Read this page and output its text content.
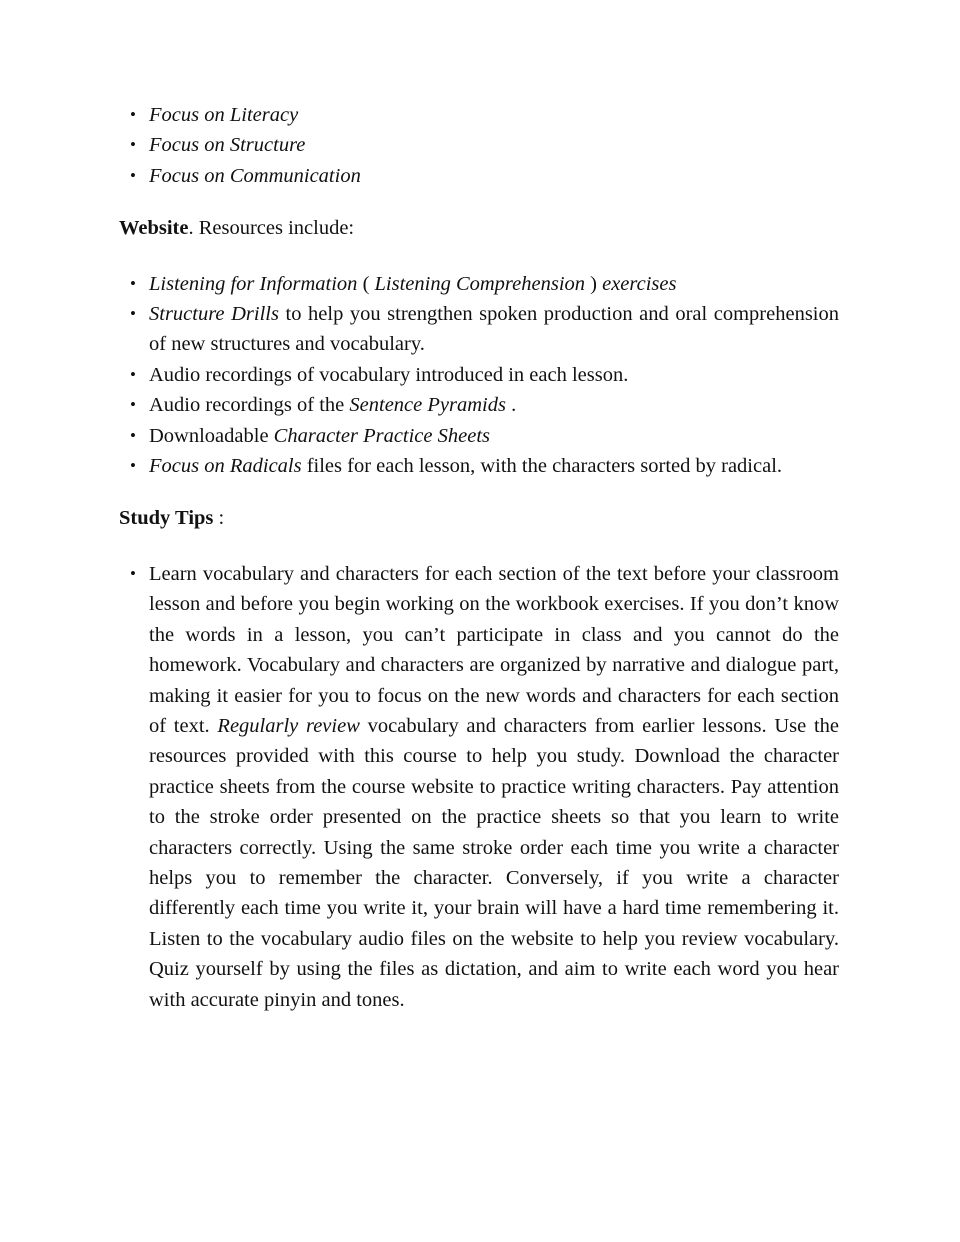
• Focus on Literacy
• Focus on Structure
• Focus on Communication

Website. Resources include:

• Listening for Information ( Listening Comprehension ) exercises
• Structure Drills to help you strengthen spoken production and oral comprehension of new structures and vocabulary.
• Audio recordings of vocabulary introduced in each lesson.
• Audio recordings of the Sentence Pyramids .
• Downloadable Character Practice Sheets
• Focus on Radicals files for each lesson, with the characters sorted by radical.

Study Tips :

• Learn vocabulary and characters for each section of the text before your classroom lesson and before you begin working on the workbook exercises. If you don’t know the words in a lesson, you can’t participate in class and you cannot do the homework. Vocabulary and characters are organized by narrative and dialogue part, making it easier for you to focus on the new words and characters for each section of text. Regularly review vocabulary and characters from earlier lessons. Use the resources provided with this course to help you study. Download the character practice sheets from the course website to practice writing characters. Pay attention to the stroke order presented on the practice sheets so that you learn to write characters correctly. Using the same stroke order each time you write a character helps you to remember the character. Conversely, if you write a character differently each time you write it, your brain will have a hard time remembering it. Listen to the vocabulary audio files on the website to help you review vocabulary. Quiz yourself by using the files as dictation, and aim to write each word you hear with accurate pinyin and tones.
